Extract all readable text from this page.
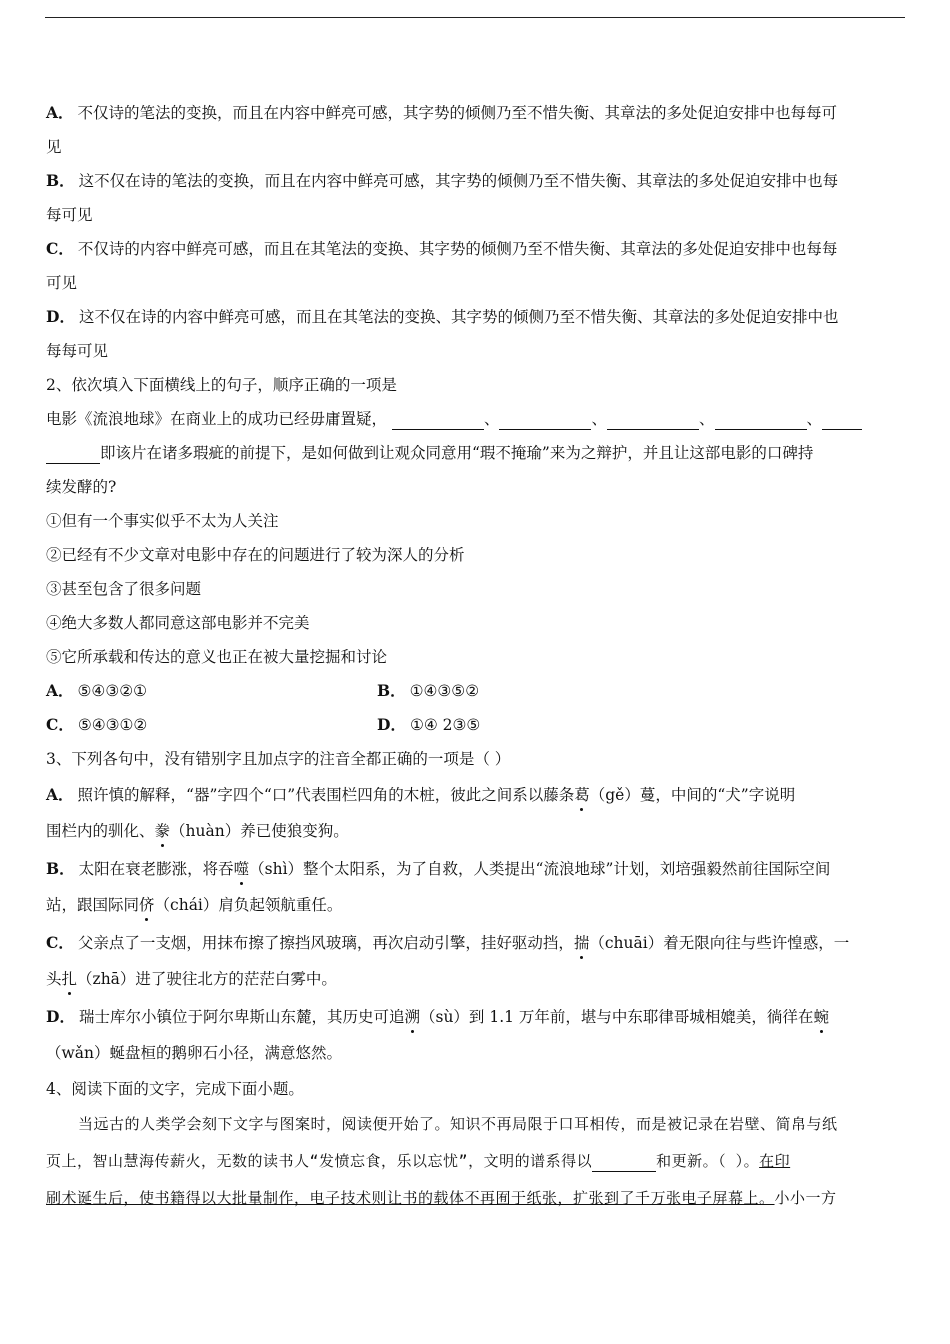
A． 不仅诗的笔法的变换，而且在内容中鲜亮可感，其字势的倾侧乃至不惜失衡、其章法的多处促迫安排中也每每可
见
B． 这不仅在诗的笔法的变换，而且在内容中鲜亮可感，其字势的倾侧乃至不惜失衡、其章法的多处促迫安排中也每
每可见
C． 不仅诗的内容中鲜亮可感，而且在其笔法的变换、其字势的倾侧乃至不惜失衡、其章法的多处促迫安排中也每每
可见
D． 这不仅在诗的内容中鲜亮可感，而且在其笔法的变换、其字势的倾侧乃至不惜失衡、其章法的多处促迫安排中也
每每可见
2、依次填入下面横线上的句子，顺序正确的一项是
电影《流浪地球》在商业上的成功已经毋庸置疑，	、	、	、	、
即该片在诸多瑕疵的前提下，是如何做到让观众同意用“瑕不掩瑜”来为之辩护，并且让这部电影的口碑持
续发酵的?
①但有一个事实似乎不太为人关注
②已经有不少文章对电影中存在的问题进行了较为深人的分析
③甚至包含了很多问题
④绝大多数人都同意这部电影并不完美
⑤它所承载和传达的意义也正在被大量挖掘和讨论
A． ⑤④③②①	B． ①④③⑤②
C． ⑤④③①②	D． ①④ 2③⑤
3、下列各句中，没有错别字且加点字的注音全都正确的一项是（ ）
A． 照许慎的解释，“器”字四个“口”代表围栏四角的木桩，彼此之间系以藤条葛（gě）蔓，中间的“犬”字说明
围栏内的驯化、豢（huàn）养已使狼变狗。
B． 太阳在衰老膨涨，将吞噬（shì）整个太阳系，为了自救，人类提出“流浪地球”计划，刘培强毅然前往国际空间
站，跟国际同侪（chái）肩负起领航重任。
C． 父亲点了一支烟，用抹布擦了擦挡风玻璃，再次启动引擎，挂好驱动挡，揣（chuāi）着无限向往与些许惶惑，一
头扎（zhā）进了驶往北方的茫茫白雾中。
D． 瑞士库尔小镇位于阿尔卑斯山东麓，其历史可追溯（sù）到 1.1 万年前，堪与中东耶律哥城相媲美，徜徉在蜿
（wǎn）蜒盘桓的鹅卵石小径，满意悠然。
4、阅读下面的文字，完成下面小题。
当远古的人类学会刻下文字与图案时，阅读便开始了。知识不再局限于口耳相传，而是被记录在岩壁、简帛与纸
页上，智山慧海传薪火，无数的读书人“发愤忘食，乐以忘忧”，文明的谱系得以	和更新。（ ）。在印
刷术诞生后，使书籍得以大批量制作，电子技术则让书的载体不再囿于纸张，扩张到了千万张电子屏幕上。小小一方
